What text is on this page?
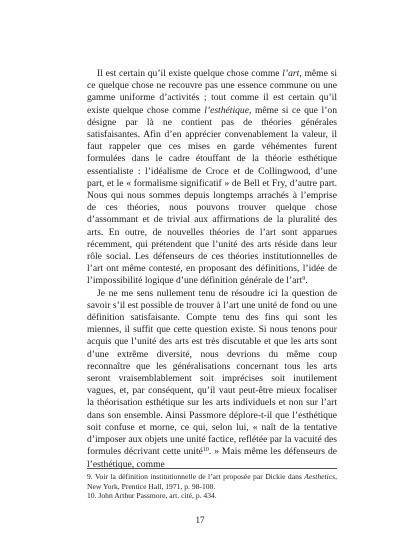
Il est certain qu’il existe quelque chose comme l’art, même si ce quelque chose ne recouvre pas une essence commune ou une gamme uniforme d’activités ; tout comme il est certain qu’il existe quelque chose comme l’esthétique, même si ce que l’on désigne par là ne contient pas de théories générales satisfaisantes. Afin d’en apprécier convenablement la valeur, il faut rappeler que ces mises en garde véhémentes furent formulées dans le cadre étouffant de la théorie esthétique essentialiste : l’idéalisme de Croce et de Collingwood, d’une part, et le « formalisme significatif » de Bell et Fry, d’autre part. Nous qui nous sommes depuis longtemps arrachés à l’emprise de ces théories, nous pouvons trouver quelque chose d’assommant et de trivial aux affirmations de la pluralité des arts. En outre, de nouvelles théories de l’art sont apparues récemment, qui prétendent que l’unité des arts réside dans leur rôle social. Les défenseurs de ces théories institutionnelles de l’art ont même contesté, en proposant des définitions, l’idée de l’impossibilité logique d’une définition générale de l’art$^9$.

Je ne me sens nullement tenu de résoudre ici la question de savoir s’il est possible de trouver à l’art une unité de fond ou une définition satisfaisante. Compte tenu des fins qui sont les miennes, il suffit que cette question existe. Si nous tenons pour acquis que l’unité des arts est très discutable et que les arts sont d’une extrême diversité, nous devrions du même coup reconnaître que les généralisations concernant tous les arts seront vraisemblablement soit imprécises soit inutilement vagues, et, par conséquent, qu’il vaut peut-être mieux focaliser la théorisation esthétique sur les arts individuels et non sur l’art dans son ensemble. Ainsi Passmore déplore-t-il que l’esthétique soit confuse et morne, ce qui, selon lui, « naît de la tentative d’imposer aux objets une unité factice, reflétée par la vacuité des formules décrivant cette unité$^{10}$. » Mais même les défenseurs de l’esthétique, comme

9. Voir la définition institutionnelle de l’art proposée par Dickie dans Aesthetics, New York, Prentice Hall, 1971, p. 98-108.

10. John Arthur Passmore, art. cité, p. 434.

17
